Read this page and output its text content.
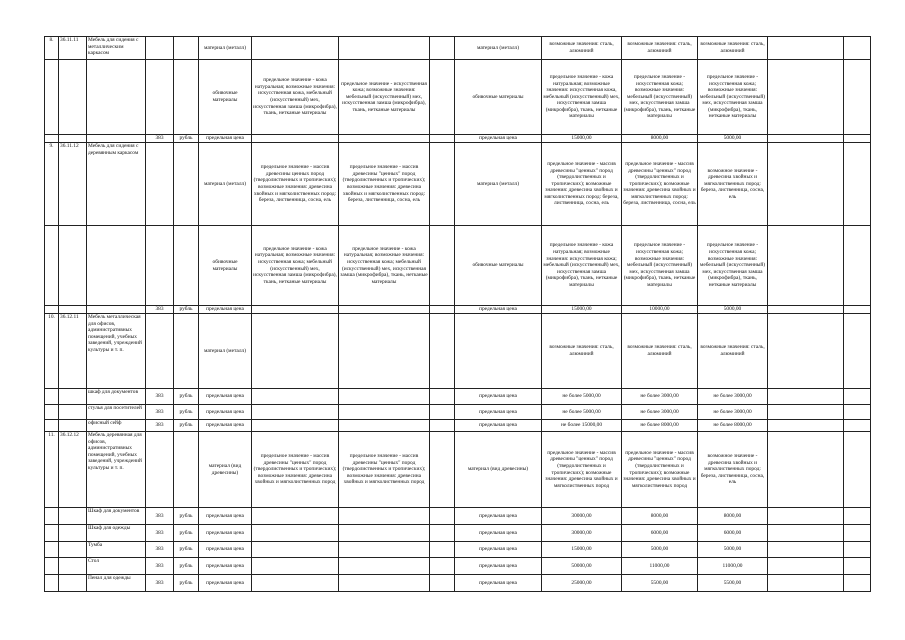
8.	36.11.11	Мебель для сидения с металлическим каркасом			материал (металл)				материал (металл)	возможные значения: сталь, алюминий	возможные значения: сталь, алюминий	возможные значения: сталь, алюминий		
					обивочные материалы	предельное значение - кожа натуральная; возможные значения: искусственная кожа, мебельный (искусственный) мех, искусственная замша (микрофибра), ткань, нетканые материалы	предельное значение - искусственная кожа; возможные значения: мебельный (искусственный) мех, искусственная замша (микрофибра), ткань, нетканые материалы		обивочные материалы	предельное значение - кожа натуральная; возможные значения: искусственная кожа, мебельный (искусственный) мех, искусственная замша (микрофибра), ткань, нетканые материалы	предельное значение - искусственная кожа; возможные значения: мебельный (искусственный) мех, искусственная замша (микрофибра), ткань, нетканые материалы	предельное значение - искусственная кожа; возможные значения: мебельный (искусственный) мех, искусственная замша (микрофибра), ткань, нетканые материалы		
			383	рубль	предельная цена				предельная цена	15000,00	8000,00	5000,00		
9.	36.11.12	Мебель для сидения с деревянным каркасом			материал (металл)	предельное значение - массив древесины ценных пород (твердолиственных и тропических); возможные значения: древесина хвойных и мягколиственных пород: береза, лиственница, сосна, ель	предельное значение - массив древесины "ценных" пород (твердолиственных и тропических); возможные значения: древесина хвойных и мягколиственных пород: береза, лиственница, сосна, ель		материал (металл)	предельное значение - массив древесины "ценных" пород (твердолиственных и тропических); возможные значения: древесина хвойных и мягколиственных пород: береза, лиственница, сосна, ель	предельное значение - массив древесины "ценных" пород (твердолиственных и тропических); возможные значения: древесина хвойных и мягколиственных пород: береза, лиственница, сосна, ель	возможное значение - древесина хвойных и мягколиственных пород: береза, лиственница, сосна, ель		
					обивочные материалы	предельное значение - кожа натуральная; возможные значения: искусственная кожа; мебельный (искусственный) мех, искусственная замша (микрофибра), ткань, нетканые материалы	предельное значение - кожа натуральная; возможные значения: искусственная кожа; мебельный (искусственный) мех, искусственная замша (микрофибра), ткань, нетканые материалы		обивочные материалы	предельное значение - кожа натуральная; возможные значения: искусственная кожа; мебельный (искусственный) мех, искусственная замша (микрофибра), ткань, нетканые материалы	предельное значение - искусственная кожа; возможные значения: мебельный (искусственный) мех, искусственная замша (микрофибра), ткань, нетканые материалы	предельное значение - искусственная кожа; возможные значения: мебельный (искусственный) мех, искусственная замша (микрофибра), ткань, нетканые материалы		
			383	рубль	предельная цена				предельная цена	15000,00	10000,00	5000,00		
10.	36.12.11	Мебель металлическая для офисов, административных помещений, учебных заведений, учреждений культуры и т. п.			материал (металл)					возможные значения: сталь, алюминий	возможные значения: сталь, алюминий	возможные значения: сталь, алюминий		
		шкаф для документов	383	рубль	предельная цена				предельная цена	не более 5000,00	не более 3000,00	не более 3000,00		
		стулья для посетителей	383	рубль	предельная цена				предельная цена	не более 5000,00	не более 3000,00	не более 3000,00		
		офисный сейф	383	рубль	предельная цена				предельная цена	не более 15000,00	не более 8000,00	не более 8000,00		
11.	36.12.12	Мебель деревянная для офисов, административных помещений, учебных заведений, учреждений культуры и т. п.			материал (вид древесины)	предельное значение - массив древесины "ценных" пород (твердолиственных и тропических); возможные значения: древесина хвойных и мягколиственных пород	предельное значение - массив древесины "ценных" пород (твердолиственных и тропических); возможные значения: древесина хвойных и мягколиственных пород		материал (вид древесины)	предельное значение - массив древесины "ценных" пород (твердолиственных и тропических); возможные значения: древесина хвойных и мягколиственных пород	предельное значение - массив древесины "ценных" пород (твердолиственных и тропических); возможные значения: древесина хвойных и мягколиственных пород	возможное значение - древесина хвойных и мягколиственных пород: береза, лиственница, сосна, ель		
		Шкаф для документов	383	рубль	предельная цена				предельная цена	30000,00	8000,00	8000,00		
		Шкаф для одежды	383	рубль	предельная цена				предельная цена	30000,00	6000,00	6000,00		
		Тумба	383	рубль	предельная цена				предельная цена	15000,00	5000,00	5000,00		
		Стол	383	рубль	предельная цена				предельная цена	50000,00	11000,00	11000,00		
		Пенал для одежды	383	рубль	предельная цена				предельная цена	25000,00	5500,00	5500,00		
